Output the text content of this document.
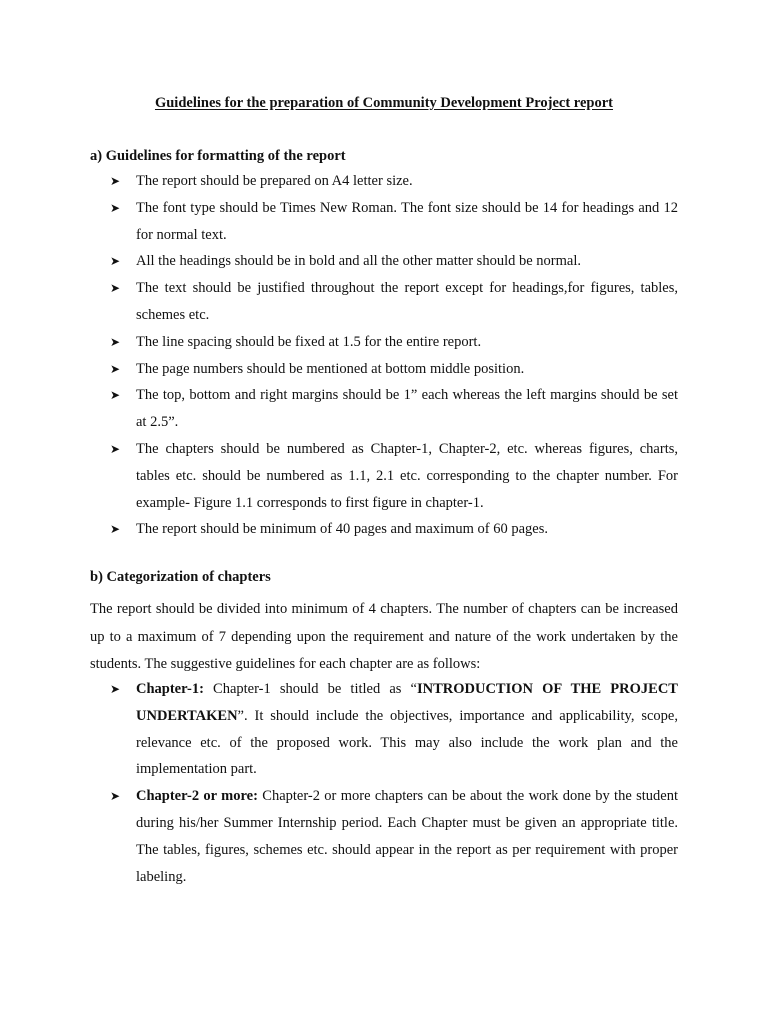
Guidelines for the preparation of Community Development Project report
a) Guidelines for formatting of the report
➤	The report should be prepared on A4 letter size.
➤	The font type should be Times New Roman. The font size should be 14 for headings and 12 for normal text.
➤	All the headings should be in bold and all the other matter should be normal.
➤	The text should be justified throughout the report except for headings,for figures, tables, schemes etc.
➤	The line spacing should be fixed at 1.5 for the entire report.
➤	The page numbers should be mentioned at bottom middle position.
➤	The top, bottom and right margins should be 1” each whereas the left margins should be set at 2.5”.
➤	The chapters should be numbered as Chapter-1, Chapter-2, etc. whereas figures, charts, tables etc. should be numbered as 1.1, 2.1 etc. corresponding to the chapter number. For example- Figure 1.1 corresponds to first figure in chapter-1.
➤	The report should be minimum of 40 pages and maximum of 60 pages.
b) Categorization of chapters
The report should be divided into minimum of 4 chapters. The number of chapters can be increased up to a maximum of 7 depending upon the requirement and nature of the work undertaken by the students. The suggestive guidelines for each chapter are as follows:
➤	Chapter-1: Chapter-1 should be titled as “INTRODUCTION OF THE PROJECT UNDERTAKEN”. It should include the objectives, importance and applicability, scope, relevance etc. of the proposed work. This may also include the work plan and the implementation part.
➤	Chapter-2 or more: Chapter-2 or more chapters can be about the work done by the student during his/her Summer Internship period. Each Chapter must be given an appropriate title. The tables, figures, schemes etc. should appear in the report as per requirement with proper labeling.
